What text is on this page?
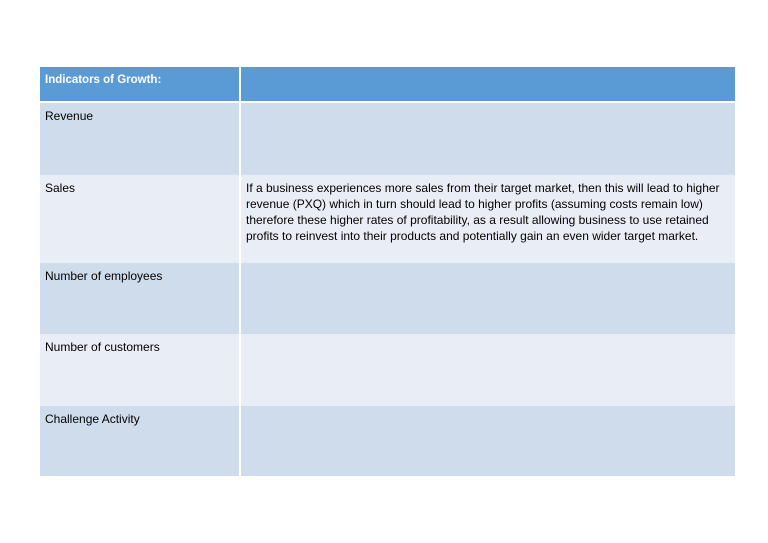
Indicators of Growth:	
Revenue	
Sales	If a business experiences more sales from their target market, then this will lead to higher revenue (PXQ) which in turn should lead to higher profits (assuming costs remain low) therefore these higher rates of profitability, as a result allowing business to use retained profits to reinvest into their products and potentially gain an even wider target market.
Number of employees	
Number of customers	
Challenge Activity	
